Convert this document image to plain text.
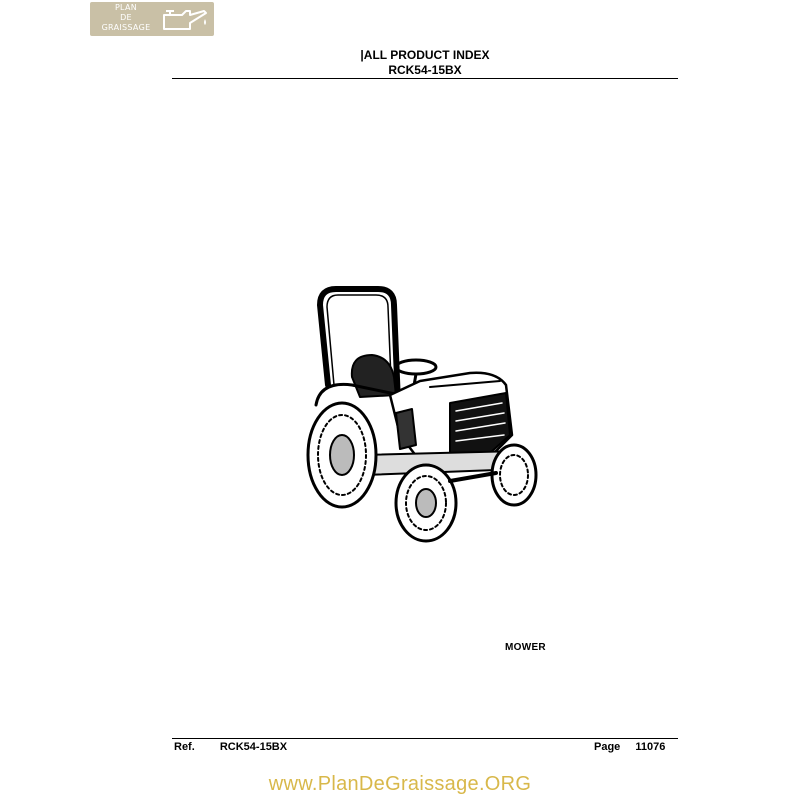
PLAN
DE
GRAISSAGE
|ALL PRODUCT INDEX
RCK54-15BX
MOWER
Ref. RCK54-15BX	Page 11076
www.PlanDeGraissage.ORG
